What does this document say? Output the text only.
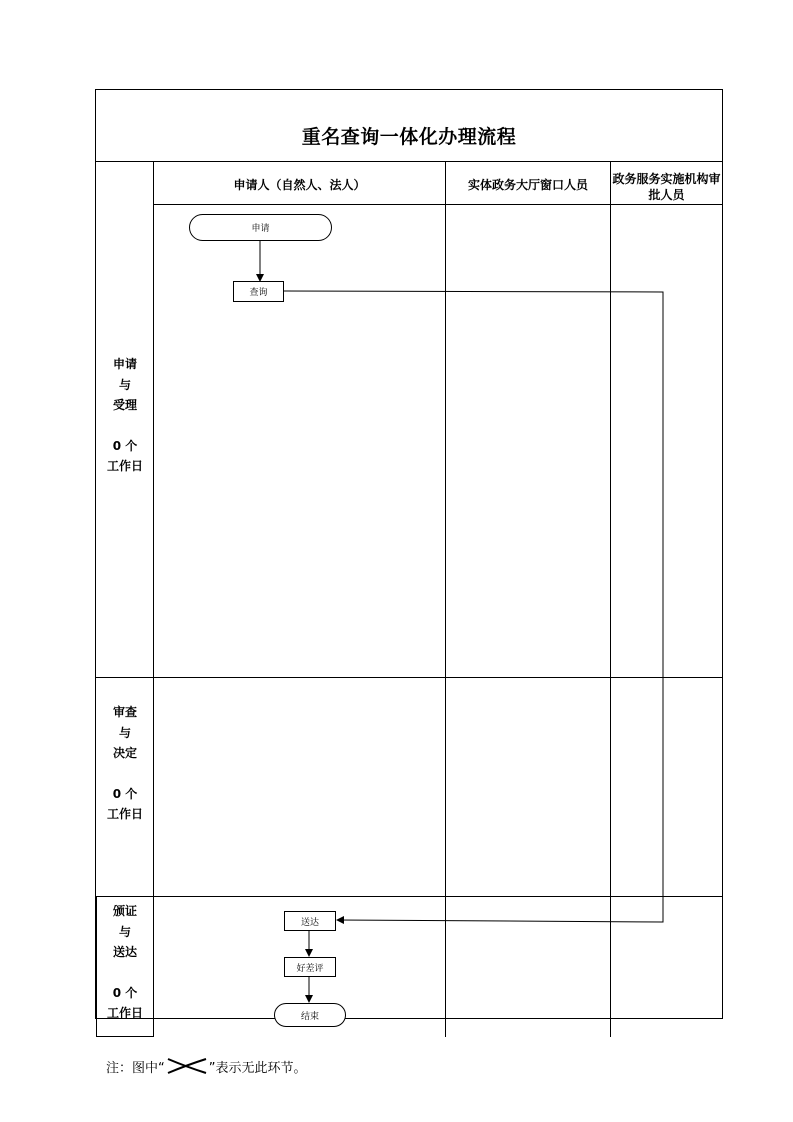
重名查询一体化办理流程
申请人（自然人、法人）	实体政务大厅窗口人员	政务服务实施机构审批人员
申请
与
受理
0 个
工作日
审查
与
决定
0 个
工作日
颁证
与
送达
0 个
工作日
申请
查询
送达
好差评
结束
注：图中“	”表示无此环节。
